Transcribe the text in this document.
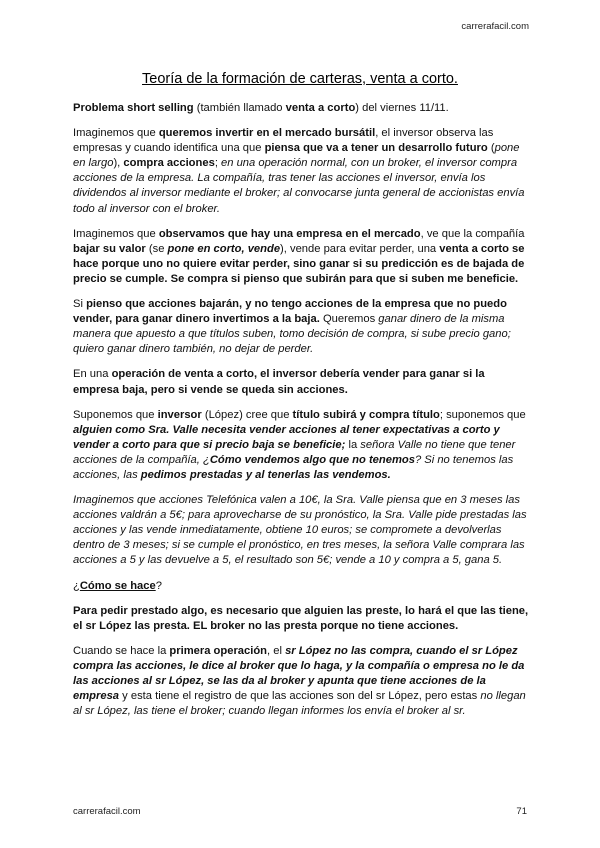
carrerafacil.com
Teoría de la formación de carteras, venta a corto.

Problema short selling (también llamado venta a corto) del viernes 11/11.

Imaginemos que queremos invertir en el mercado bursátil, el inversor observa las empresas y cuando identifica una que piensa que va a tener un desarrollo futuro (pone en largo), compra acciones; en una operación normal, con un broker, el inversor compra acciones de la empresa. La compañía, tras tener las acciones el inversor, envía los dividendos al inversor mediante el broker; al convocarse junta general de accionistas envía todo al inversor con el broker.

Imaginemos que observamos que hay una empresa en el mercado, ve que la compañía bajar su valor (se pone en corto, vende), vende para evitar perder, una venta a corto se hace porque uno no quiere evitar perder, sino ganar si su predicción es de bajada de precio se cumple. Se compra si pienso que subirán para que si suben me beneficie.

Si pienso que acciones bajarán, y no tengo acciones de la empresa que no puedo vender, para ganar dinero invertimos a la baja. Queremos ganar dinero de la misma manera que apuesto a que títulos suben, tomo decisión de compra, si sube precio gano; quiero ganar dinero también, no dejar de perder.

En una operación de venta a corto, el inversor debería vender para ganar si la empresa baja, pero si vende se queda sin acciones.

Suponemos que inversor (López) cree que título subirá y compra título; suponemos que alguien como Sra. Valle necesita vender acciones al tener expectativas a corto y vender a corto para que si precio baja se beneficie; la señora Valle no tiene que tener acciones de la compañía, ¿Cómo vendemos algo que no tenemos? Si no tenemos las acciones, las pedimos prestadas y al tenerlas las vendemos.

Imaginemos que acciones Telefónica valen a 10€, la Sra. Valle piensa que en 3 meses las acciones valdrán a 5€; para aprovecharse de su pronóstico, la Sra. Valle pide prestadas las acciones y las vende inmediatamente, obtiene 10 euros; se compromete a devolverlas dentro de 3 meses; si se cumple el pronóstico, en tres meses, la señora Valle comprara las acciones a 5 y las devuelve a 5, el resultado son 5€; vende a 10 y compra a 5, gana 5.

¿Cómo se hace?

Para pedir prestado algo, es necesario que alguien las preste, lo hará el que las tiene, el sr López las presta. EL broker no las presta porque no tiene acciones.

Cuando se hace la primera operación, el sr López no las compra, cuando el sr López compra las acciones, le dice al broker que lo haga, y la compañía o empresa no le da las acciones al sr López, se las da al broker y apunta que tiene acciones de la empresa y esta tiene el registro de que las acciones son del sr López, pero estas no llegan al sr López, las tiene el broker; cuando llegan informes los envía el broker al sr.

carrerafacil.com	71
